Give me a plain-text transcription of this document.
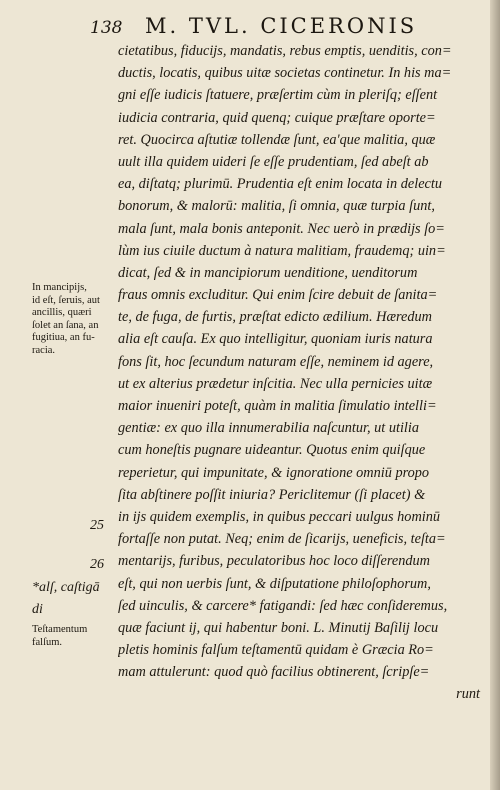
138 M. TVL. CICERONIS
cietatibus, fiducijs, mandatis, rebus emptis, uenditis, con=
ductis, locatis, quibus uitæ societas continetur. In his ma=
gni eſſe iudicis ſtatuere, præſertim cùm in pleriſq; eſſent
iudicia contraria, quid quenq; cuique præſtare oporte=
ret. Quocirca aſtutiæ tollendæ ſunt, ea'que malitia, quæ
uult illa quidem uideri ſe eſſe prudentiam, ſed abeſt ab
ea, diſtatq; plurimū. Prudentia eſt enim locata in delectu
bonorum, & malorū: malitia, ſi omnia, quæ turpia ſunt,
mala ſunt, mala bonis anteponit. Nec uerò in prædijs ſo=
lùm ius ciuile ductum à natura malitiam, fraudemq; uin=
dicat, ſed & in mancipiorum uenditione, uenditorum
fraus omnis excluditur. Qui enim ſcire debuit de ſanita=
te, de fuga, de furtis, præſtat edicto ædilium. Hæredum
alia eſt cauſa. Ex quo intelligitur, quoniam iuris natura
fons ſit, hoc ſecundum naturam eſſe, neminem id agere,
ut ex alterius prædetur inſcitia. Nec ulla pernicies uitæ
maior inueniri poteſt, quàm in malitia ſimulatio intelli=
gentiæ: ex quo illa innumerabilia naſcuntur, ut utilia
cum honeſtis pugnare uideantur. Quotus enim quiſque
reperietur, qui impunitate, & ignoratione omniū propo
ſita abſtinere poſſit iniuria? Periclitemur (ſi placet) &
in ijs quidem exemplis, in quibus peccari uulgus hominū
fortaſſe non putat. Neq; enim de ſicarijs, ueneficis, teſta=
mentarijs, furibus, peculatoribus hoc loco diſſerendum
eſt, qui non uerbis ſunt, & diſputatione philoſophorum,
ſed uinculis, & carcere* fatigandi: ſed hæc conſideremus,
quæ faciunt ij, qui habentur boni. L. Minutij Baſilij locu
pletis hominis falſum teſtamentū quidam è Græcia Ro=
mam attulerunt: quod quò facilius obtinerent, ſcripſe=
runt
In mancipijs,
id eſt, ſeruis, aut
ancillis, quæri
ſolet an ſana, an
fugitiua, an fu-
racia.
25
26
*alſ, caſtigā
di
Teſtamentum
falſum.
